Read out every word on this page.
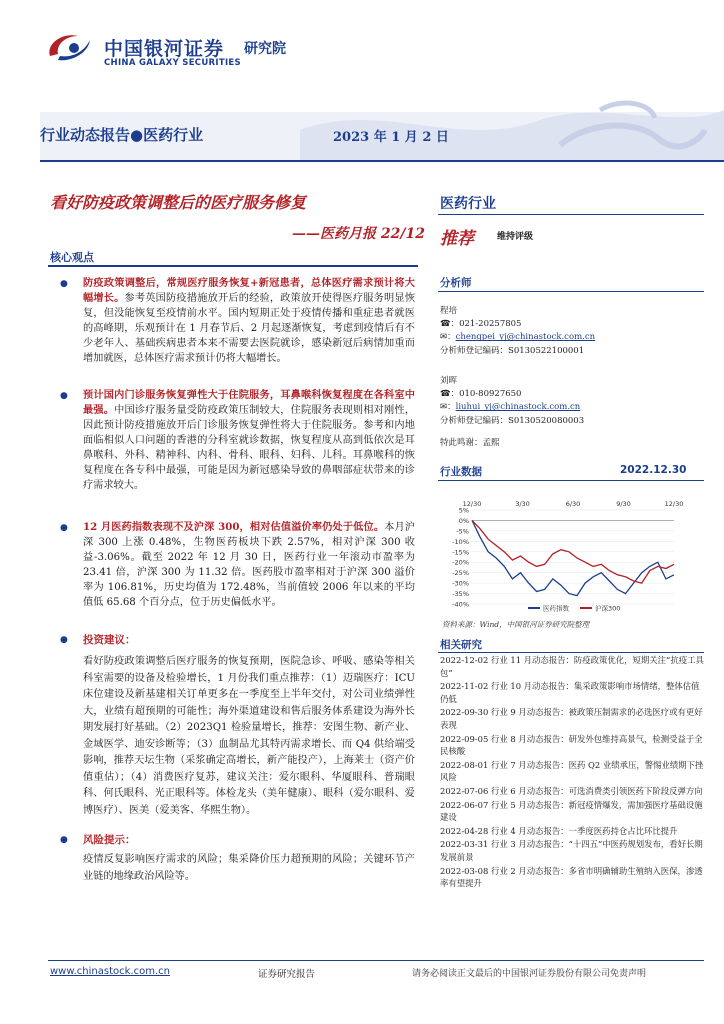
中国银河证券 研究院
CHINA GALAXY SECURITIES
行业动态报告●医药行业	2023 年 1 月 2 日
看好防疫政策调整后的医疗服务修复
——医药月报 22/12
核心观点
● 防疫政策调整后，常规医疗服务恢复+新冠患者，总体医疗需求预计将大幅增长。参考英国防疫措施放开后的经验，政策放开使得医疗服务明显恢复，但没能恢复至疫情前水平。国内短期正处于疫情传播和重症患者就医的高峰期，乐观预计在 1 月春节后、2 月起逐渐恢复，考虑到疫情后有不少老年人、基础疾病患者本来不需要去医院就诊，感染新冠后病情加重而增加就医，总体医疗需求预计仍将大幅增长。
● 预计国内门诊服务恢复弹性大于住院服务，耳鼻喉科恢复程度在各科室中最强。中国诊疗服务量受防疫政策压制较大，住院服务表现则相对刚性，因此预计防疫措施放开后门诊服务恢复弹性将大于住院服务。参考和内地面临相似人口问题的香港的分科室就诊数据，恢复程度从高到低依次是耳鼻喉科、外科、精神科、内科、骨科、眼科、妇科、儿科。耳鼻喉科的恢复程度在各专科中最强，可能是因为新冠感染导致的鼻咽部症状带来的诊疗需求较大。
● 12 月医药指数表现不及沪深 300，相对估值溢价率仍处于低位。本月沪深 300 上涨 0.48%，生物医药板块下跌 2.57%，相对沪深 300 收益-3.06%。截至 2022 年 12 月 30 日，医药行业一年滚动市盈率为 23.41 倍，沪深 300 为 11.32 倍。医药股市盈率相对于沪深 300 溢价率为 106.81%，历史均值为 172.48%，当前值较 2006 年以来的平均值低 65.68 个百分点，位于历史偏低水平。
● 投资建议：
看好防疫政策调整后医疗服务的恢复预期，医院急诊、呼吸、感染等相关科室需要的设备及检验增长，1 月份我们重点推荐：（1）迈瑞医疗：ICU 床位建设及新基建相关订单更多在一季度至上半年交付，对公司业绩弹性大，业绩有超预期的可能性；海外渠道建设和售后服务体系建设为海外长期发展打好基础。（2）2023Q1 检验量增长，推荐：安图生物、新产业、金域医学、迪安诊断等；（3）血制品尤其特丙需求增长、而 Q4 供给端受影响，推荐天坛生物（采浆确定高增长，新产能投产），上海莱士（资产价值重估）；（4）消费医疗复苏，建议关注：爱尔眼科、华厦眼科、普瑞眼科、何氏眼科、光正眼科等。体检龙头（美年健康）、眼科（爱尔眼科、爱博医疗）、医美（爱美客、华熙生物）。
● 风险提示：
疫情反复影响医疗需求的风险；集采降价压力超预期的风险；关键环节产业链的地缘政治风险等。
医药行业
推荐	维持评级
分析师
程培
☎：021-20257805
✉：chengpei_yj@chinastock.com.cn
分析师登记编码：S0130522100001
刘晖
☎：010-80927650
✉：liuhui_yj@chinastock.com.cn
分析师登记编码：S0130520080003
特此鸣谢：孟熙
行业数据	2022.12.30
5%
0%
-5%
-10%
-15%
-20%
-25%
-30%
-35%
-40%
12/30	3/30	6/30	9/30	12/30
医药指数	沪深300
资料来源：Wind，中国银河证券研究院整理
相关研究
2022-12-02 行业 11 月动态报告：防疫政策优化，短期关注“抗疫工具包”
2022-11-02 行业 10 月动态报告：集采政策影响市场情绪，整体估值仍低
2022-09-30 行业 9 月动态报告：被政策压制需求的必选医疗或有更好表现
2022-09-05 行业 8 月动态报告：研发外包维持高景气，检测受益于全民核酸
2022-08-01 行业 7 月动态报告：医药 Q2 业绩承压，警惕业绩期下挫风险
2022-07-06 行业 6 月动态报告：可选消费类引领医药下阶段反弹方向
2022-06-07 行业 5 月动态报告：新冠疫情爆发，需加强医疗基础设施建设
2022-04-28 行业 4 月动态报告：一季度医药持仓占比环比提升
2022-03-31 行业 3 月动态报告：“十四五”中医药规划发布，看好长期发展前景
2022-03-08 行业 2 月动态报告：多省市明确辅助生殖纳入医保，渗透率有望提升
www.chinastock.com.cn	证券研究报告	请务必阅读正文最后的中国银河证券股份有限公司免责声明
